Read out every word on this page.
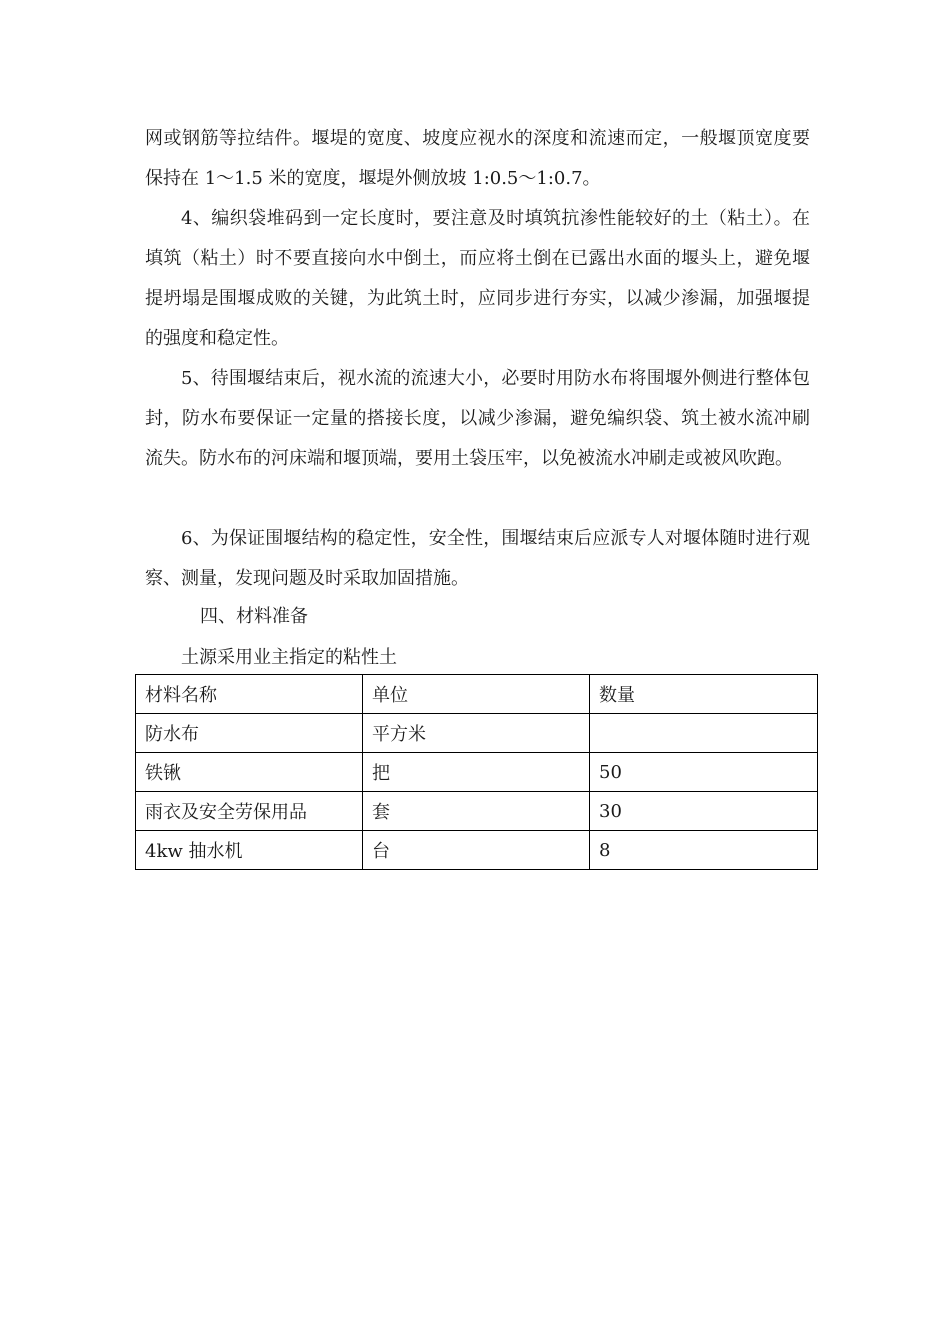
网或钢筋等拉结件。堰堤的宽度、坡度应视水的深度和流速而定，一般堰顶宽度要保持在 1～1.5 米的宽度，堰堤外侧放坡 1:0.5～1:0.7。

4、编织袋堆码到一定长度时，要注意及时填筑抗渗性能较好的土（粘土）。在填筑（粘土）时不要直接向水中倒土，而应将土倒在已露出水面的堰头上，避免堰提坍塌是围堰成败的关键，为此筑土时，应同步进行夯实，以减少渗漏，加强堰提的强度和稳定性。

5、待围堰结束后，视水流的流速大小，必要时用防水布将围堰外侧进行整体包封，防水布要保证一定量的搭接长度，以减少渗漏，避免编织袋、筑土被水流冲刷流失。防水布的河床端和堰顶端，要用土袋压牢，以免被流水冲刷走或被风吹跑。

6、为保证围堰结构的稳定性，安全性，围堰结束后应派专人对堰体随时进行观察、测量，发现问题及时采取加固措施。

四、材料准备

土源采用业主指定的粘性土

材料名称	单位	数量
防水布	平方米	
铁锹	把	50
雨衣及安全劳保用品	套	30
4kw 抽水机	台	8
